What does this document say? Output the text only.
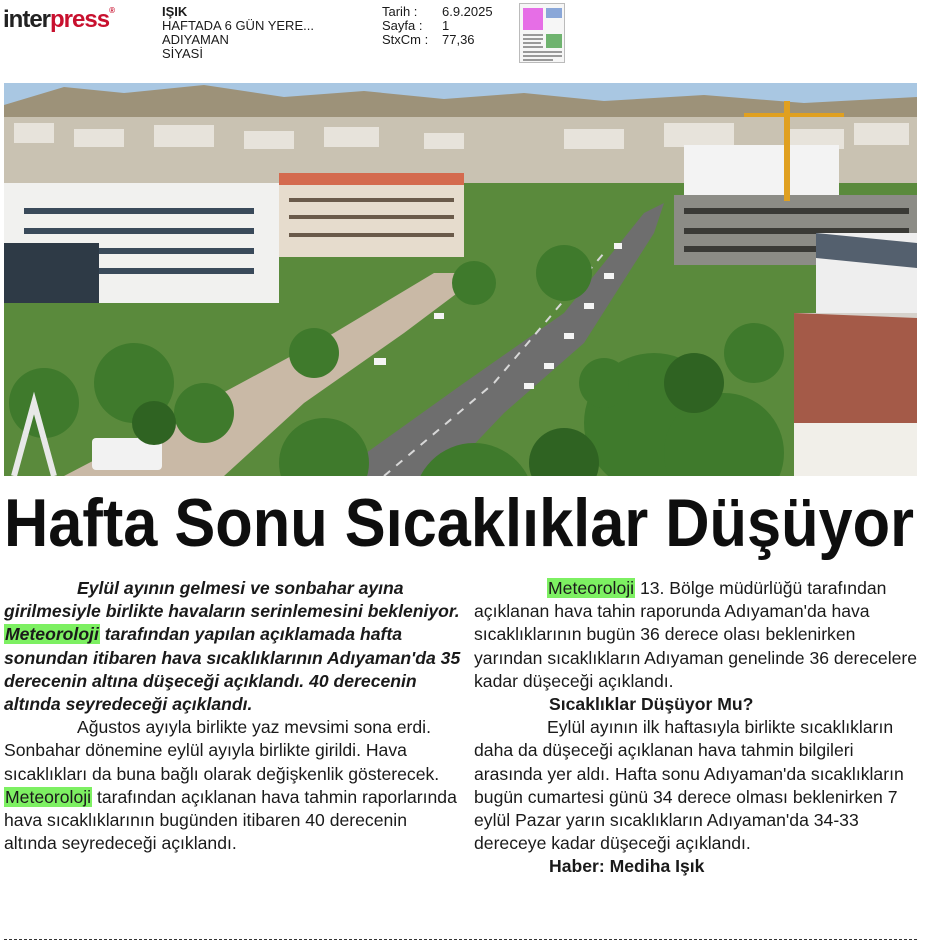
interpress®	IŞIK
HAFTADA 6 GÜN YERE...
ADIYAMAN
SİYASİ
Tarih :	6.9.2025
Sayfa :	1
StxCm :	77,36
Hafta Sonu Sıcaklıklar Düşüyor

Eylül ayının gelmesi ve sonbahar ayına girilmesiyle birlikte havaların serinlemesini bekleniyor. Meteoroloji tarafından yapılan açıklamada hafta sonundan itibaren hava sıcaklıklarının Adıyaman'da 35 derecenin altına düşeceği açıklandı. 40 derecenin altında seyredeceği açıklandı.

Ağustos ayıyla birlikte yaz mevsimi sona erdi. Sonbahar dönemine eylül ayıyla birlikte girildi. Hava sıcaklıkları da buna bağlı olarak değişkenlik gösterecek. Meteoroloji tarafından açıklanan hava tahmin raporlarında hava sıcaklıklarının bugünden itibaren 40 derecenin altında seyredeceği açıklandı.

Meteoroloji 13. Bölge müdürlüğü tarafından açıklanan hava tahin raporunda Adıyaman'da hava sıcaklıklarının bugün 36 derece olası beklenirken yarından sıcaklıkların Adıyaman genelinde 36 derecelere kadar düşeceği açıklandı.

Sıcaklıklar Düşüyor Mu?

Eylül ayının ilk haftasıyla birlikte sıcaklıkların daha da düşeceği açıklanan hava tahmin bilgileri arasında yer aldı. Hafta sonu Adıyaman'da sıcaklıkların bugün cumartesi günü 34 derece olması beklenirken 7 eylül Pazar yarın sıcaklıkların Adıyaman'da 34-33 dereceye kadar düşeceği açıklandı.

Haber: Mediha Işık
